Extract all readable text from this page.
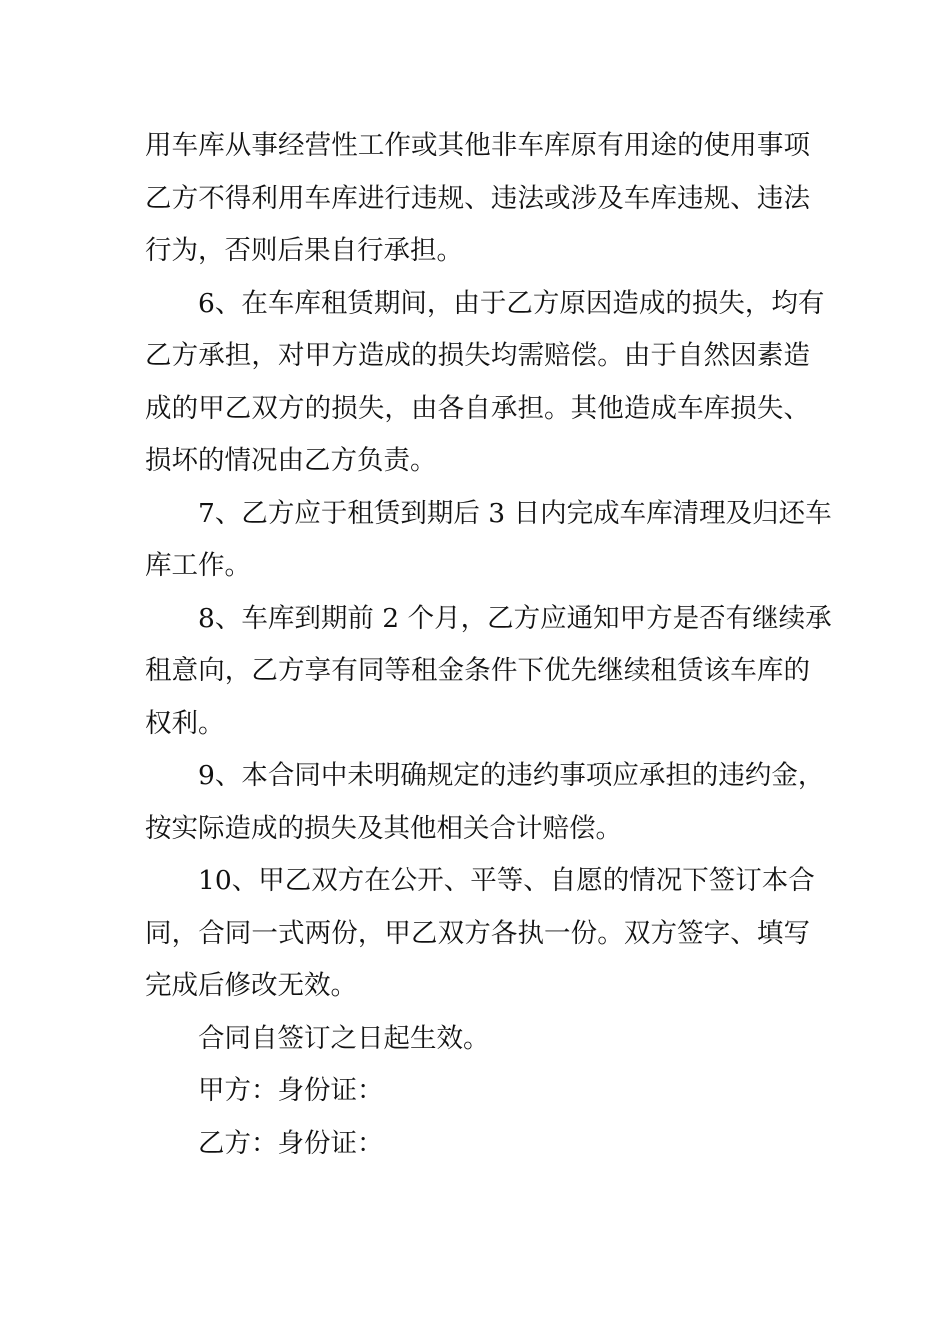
用车库从事经营性工作或其他非车库原有用途的使用事项
乙方不得利用车库进行违规、违法或涉及车库违规、违法
行为，否则后果自行承担。
6、在车库租赁期间，由于乙方原因造成的损失，均有
乙方承担，对甲方造成的损失均需赔偿。由于自然因素造
成的甲乙双方的损失，由各自承担。其他造成车库损失、
损坏的情况由乙方负责。
7、乙方应于租赁到期后 3 日内完成车库清理及归还车
库工作。
8、车库到期前 2 个月，乙方应通知甲方是否有继续承
租意向，乙方享有同等租金条件下优先继续租赁该车库的
权利。
9、本合同中未明确规定的违约事项应承担的违约金，
按实际造成的损失及其他相关合计赔偿。
10、甲乙双方在公开、平等、自愿的情况下签订本合
同，合同一式两份，甲乙双方各执一份。双方签字、填写
完成后修改无效。
合同自签订之日起生效。
甲方：身份证：
乙方：身份证：
